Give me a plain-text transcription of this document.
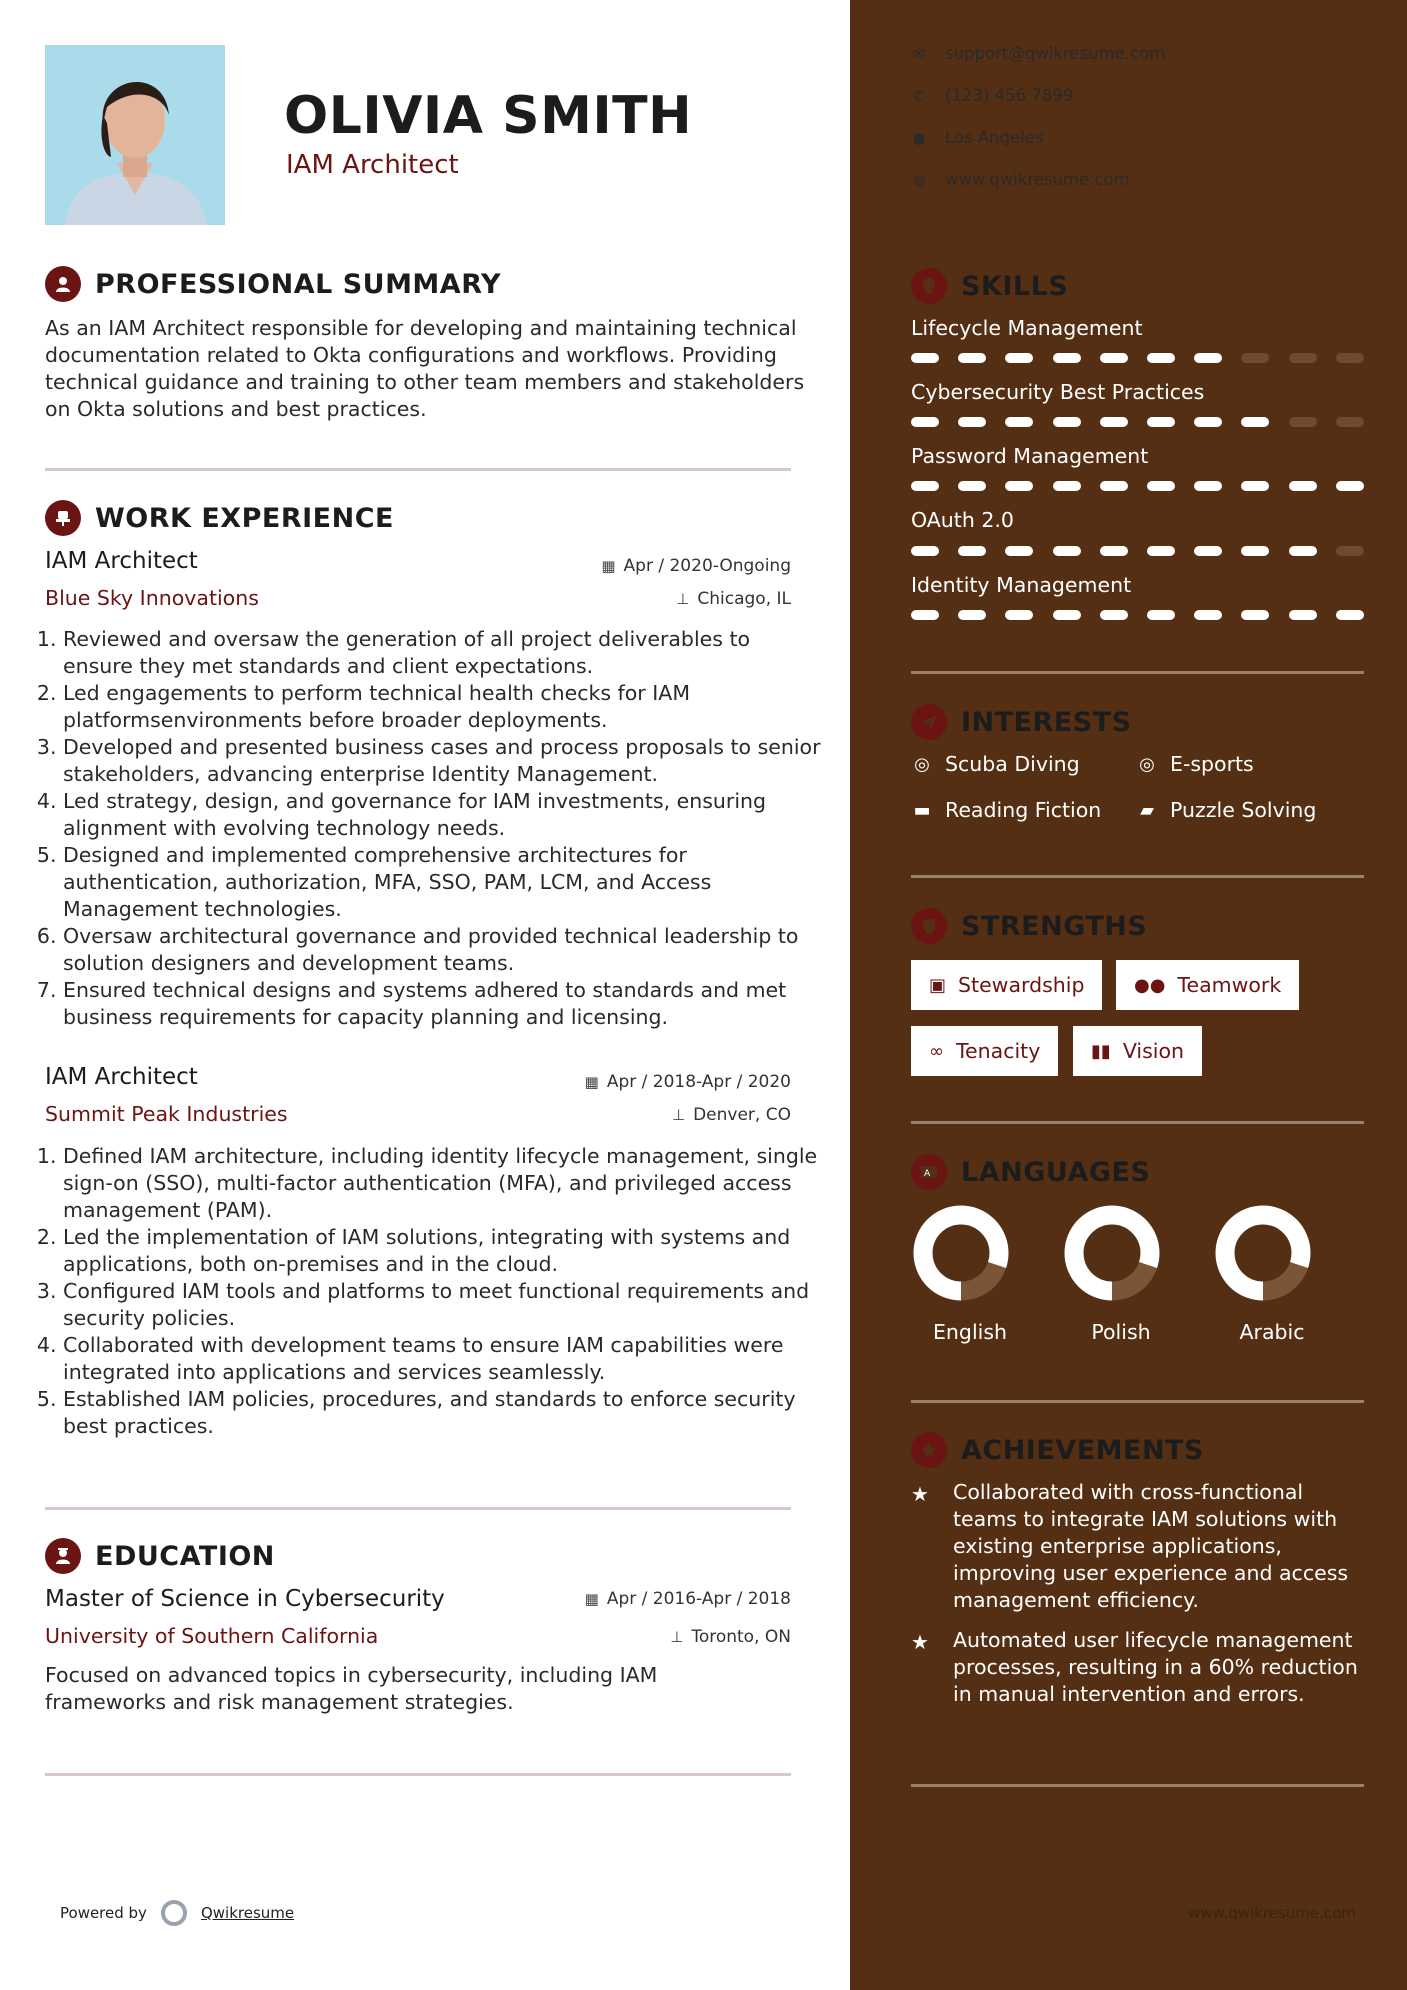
OLIVIA SMITH
IAM Architect
PROFESSIONAL SUMMARY
As an IAM Architect responsible for developing and maintaining technical documentation related to Okta configurations and workflows. Providing technical guidance and training to other team members and stakeholders on Okta solutions and best practices.
WORK EXPERIENCE
IAM Architect	▦ Apr / 2020-Ongoing
Blue Sky Innovations	⊥ Chicago, IL
1. Reviewed and oversaw the generation of all project deliverables to ensure they met standards and client expectations.
2. Led engagements to perform technical health checks for IAM platformsenvironments before broader deployments.
3. Developed and presented business cases and process proposals to senior stakeholders, advancing enterprise Identity Management.
4. Led strategy, design, and governance for IAM investments, ensuring alignment with evolving technology needs.
5. Designed and implemented comprehensive architectures for authentication, authorization, MFA, SSO, PAM, LCM, and Access Management technologies.
6. Oversaw architectural governance and provided technical leadership to solution designers and development teams.
7. Ensured technical designs and systems adhered to standards and met business requirements for capacity planning and licensing.
IAM Architect	▦ Apr / 2018-Apr / 2020
Summit Peak Industries	⊥ Denver, CO
1. Defined IAM architecture, including identity lifecycle management, single sign-on (SSO), multi-factor authentication (MFA), and privileged access management (PAM).
2. Led the implementation of IAM solutions, integrating with systems and applications, both on-premises and in the cloud.
3. Configured IAM tools and platforms to meet functional requirements and security policies.
4. Collaborated with development teams to ensure IAM capabilities were integrated into applications and services seamlessly.
5. Established IAM policies, procedures, and standards to enforce security best practices.
EDUCATION
Master of Science in Cybersecurity	▦ Apr / 2016-Apr / 2018
University of Southern California	⊥ Toronto, ON
Focused on advanced topics in cybersecurity, including IAM frameworks and risk management strategies.
Powered by	Qwikresume
✉ support@qwikresume.com
✆ (123) 456 7899
● Los Angeles
◍ www.qwikresume.com
SKILLS
Lifecycle Management
Cybersecurity Best Practices
Password Management
OAuth 2.0
Identity Management
INTERESTS
◎ Scuba Diving	◎ E-sports
▬ Reading Fiction ▰ Puzzle Solving
STRENGTHS
▣ Stewardship	●● Teamwork
∞ Tenacity	▮▮ Vision
A LANGUAGES
English	Polish	Arabic
ACHIEVEMENTS
★	Collaborated with cross-functional teams to integrate IAM solutions with existing enterprise applications, improving user experience and access management efficiency.
★	Automated user lifecycle management processes, resulting in a 60% reduction in manual intervention and errors.
www.qwikresume.com
